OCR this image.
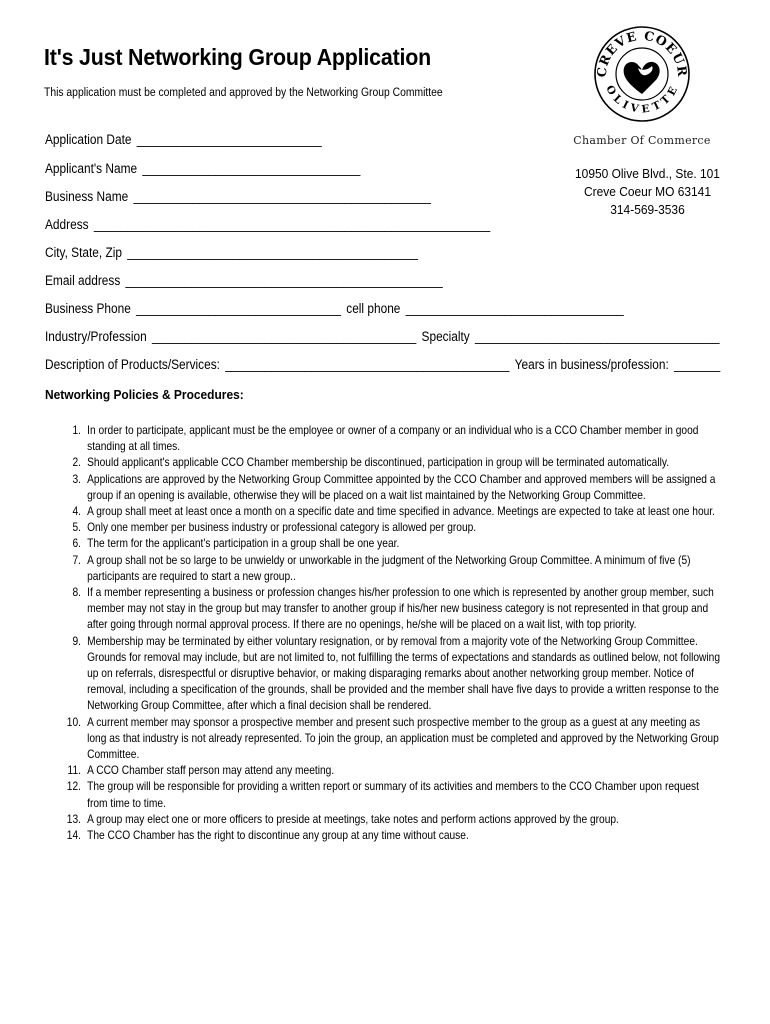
It's Just Networking Group Application
This application must be completed and approved by the Networking Group Committee
CREVE COEUR
OLIVETTE
Chamber Of Commerce
10950 Olive Blvd., Ste. 101
Creve Coeur MO 63141
314-569-3536
Application Date ____________________________
Applicant's Name _________________________________
Business Name _____________________________________________
Address ____________________________________________________________
City, State, Zip ____________________________________________
Email address ________________________________________________
Business Phone _______________________________ cell phone _________________________________
Industry/Profession ________________________________________ Specialty _____________________________________
Description of Products/Services: ___________________________________________ Years in business/profession: _______
Networking Policies & Procedures:
1. In order to participate, applicant must be the employee or owner of a company or an individual who is a CCO Chamber member in good standing at all times.
2. Should applicant's applicable CCO Chamber membership be discontinued, participation in group will be terminated automatically.
3. Applications are approved by the Networking Group Committee appointed by the CCO Chamber and approved members will be assigned a group if an opening is available, otherwise they will be placed on a wait list maintained by the Networking Group Committee.
4. A group shall meet at least once a month on a specific date and time specified in advance. Meetings are expected to take at least one hour.
5. Only one member per business industry or professional category is allowed per group.
6. The term for the applicant's participation in a group shall be one year.
7. A group shall not be so large to be unwieldy or unworkable in the judgment of the Networking Group Committee. A minimum of five (5) participants are required to start a new group..
8. If a member representing a business or profession changes his/her profession to one which is represented by another group member, such member may not stay in the group but may transfer to another group if his/her new business category is not represented in that group and after going through normal approval process. If there are no openings, he/she will be placed on a wait list, with top priority.
9. Membership may be terminated by either voluntary resignation, or by removal from a majority vote of the Networking Group Committee. Grounds for removal may include, but are not limited to, not fulfilling the terms of expectations and standards as outlined below, not following up on referrals, disrespectful or disruptive behavior, or making disparaging remarks about another networking group member. Notice of removal, including a specification of the grounds, shall be provided and the member shall have five days to provide a written response to the Networking Group Committee, after which a final decision shall be rendered.
10. A current member may sponsor a prospective member and present such prospective member to the group as a guest at any meeting as long as that industry is not already represented. To join the group, an application must be completed and approved by the Networking Group Committee.
11. A CCO Chamber staff person may attend any meeting.
12. The group will be responsible for providing a written report or summary of its activities and members to the CCO Chamber upon request from time to time.
13. A group may elect one or more officers to preside at meetings, take notes and perform actions approved by the group.
14. The CCO Chamber has the right to discontinue any group at any time without cause.
